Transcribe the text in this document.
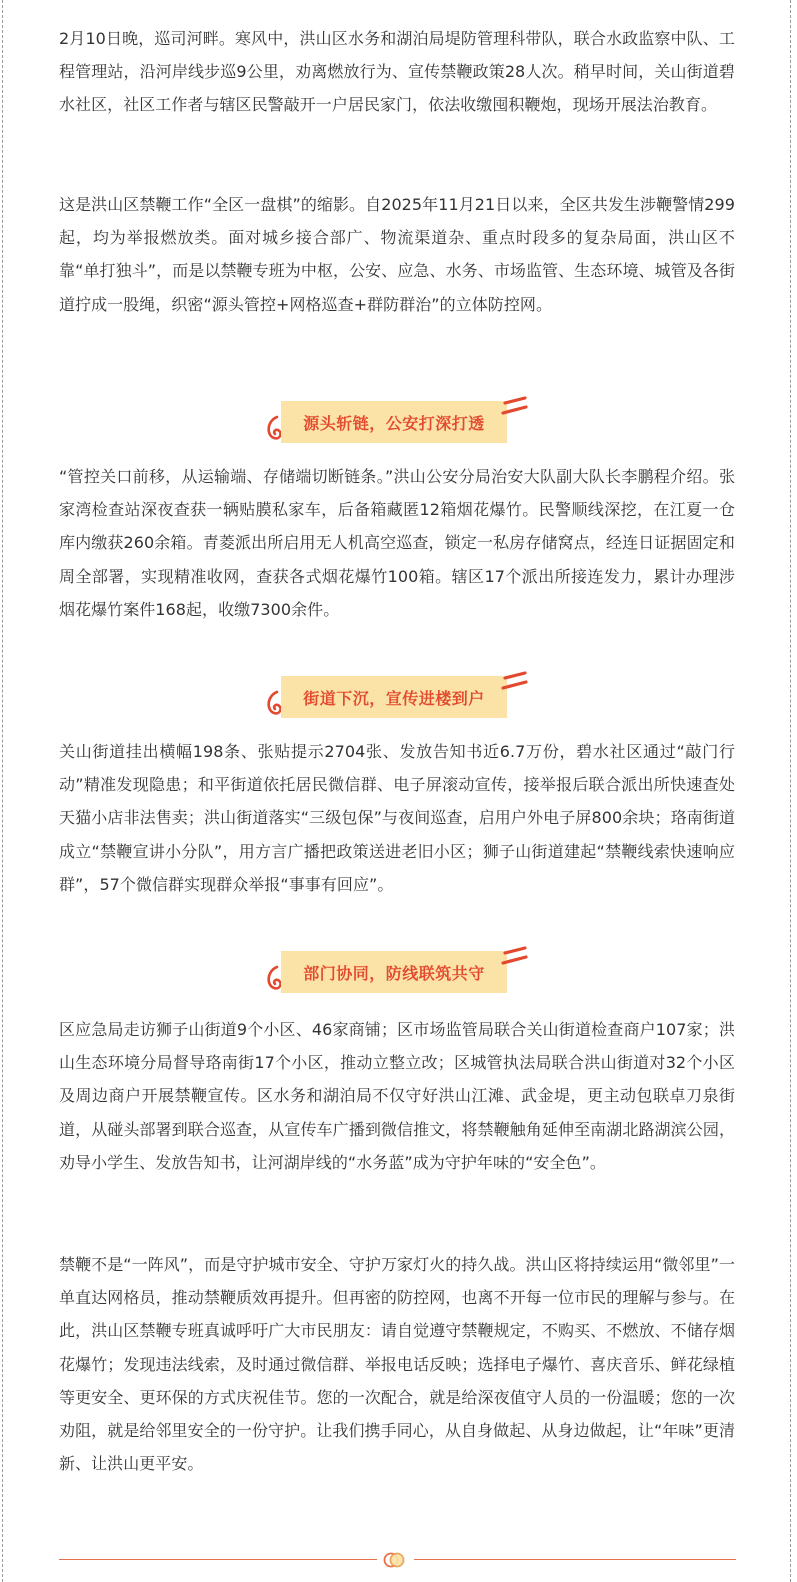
2月10日晚，巡司河畔。寒风中，洪山区水务和湖泊局堤防管理科带队，联合水政监察中队、工程管理站，沿河岸线步巡9公里，劝离燃放行为、宣传禁鞭政策28人次。稍早时间，关山街道碧水社区，社区工作者与辖区民警敲开一户居民家门，依法收缴囤积鞭炮，现场开展法治教育。

这是洪山区禁鞭工作“全区一盘棋”的缩影。自2025年11月21日以来，全区共发生涉鞭警情299起，均为举报燃放类。面对城乡接合部广、物流渠道杂、重点时段多的复杂局面，洪山区不靠“单打独斗”，而是以禁鞭专班为中枢，公安、应急、水务、市场监管、生态环境、城管及各街道拧成一股绳，织密“源头管控+网格巡查+群防群治”的立体防控网。

“管控关口前移，从运输端、存储端切断链条。”洪山公安分局治安大队副大队长李鹏程介绍。张家湾检查站深夜查获一辆贴膜私家车，后备箱藏匿12箱烟花爆竹。民警顺线深挖，在江夏一仓库内缴获260余箱。青菱派出所启用无人机高空巡查，锁定一私房存储窝点，经连日证据固定和周全部署，实现精准收网，查获各式烟花爆竹100箱。辖区17个派出所接连发力，累计办理涉烟花爆竹案件168起，收缴7300余件。

关山街道挂出横幅198条、张贴提示2704张、发放告知书近6.7万份，碧水社区通过“敲门行动”精准发现隐患；和平街道依托居民微信群、电子屏滚动宣传，接举报后联合派出所快速查处天猫小店非法售卖；洪山街道落实“三级包保”与夜间巡查，启用户外电子屏800余块；珞南街道成立“禁鞭宣讲小分队”，用方言广播把政策送进老旧小区；狮子山街道建起“禁鞭线索快速响应群”，57个微信群实现群众举报“事事有回应”。

区应急局走访狮子山街道9个小区、46家商铺；区市场监管局联合关山街道检查商户107家；洪山生态环境分局督导珞南街17个小区，推动立整立改；区城管执法局联合洪山街道对32个小区及周边商户开展禁鞭宣传。区水务和湖泊局不仅守好洪山江滩、武金堤，更主动包联卓刀泉街道，从碰头部署到联合巡查，从宣传车广播到微信推文，将禁鞭触角延伸至南湖北路湖滨公园，劝导小学生、发放告知书，让河湖岸线的“水务蓝”成为守护年味的“安全色”。

禁鞭不是“一阵风”，而是守护城市安全、守护万家灯火的持久战。洪山区将持续运用“微邻里”一单直达网格员，推动禁鞭质效再提升。但再密的防控网，也离不开每一位市民的理解与参与。在此，洪山区禁鞭专班真诚呼吁广大市民朋友：请自觉遵守禁鞭规定，不购买、不燃放、不储存烟花爆竹；发现违法线索，及时通过微信群、举报电话反映；选择电子爆竹、喜庆音乐、鲜花绿植等更安全、更环保的方式庆祝佳节。您的一次配合，就是给深夜值守人员的一份温暖；您的一次劝阻，就是给邻里安全的一份守护。让我们携手同心，从自身做起、从身边做起，让“年味”更清新、让洪山更平安。

源头斩链，公安打深打透
街道下沉，宣传进楼到户
部门协同，防线联筑共守
